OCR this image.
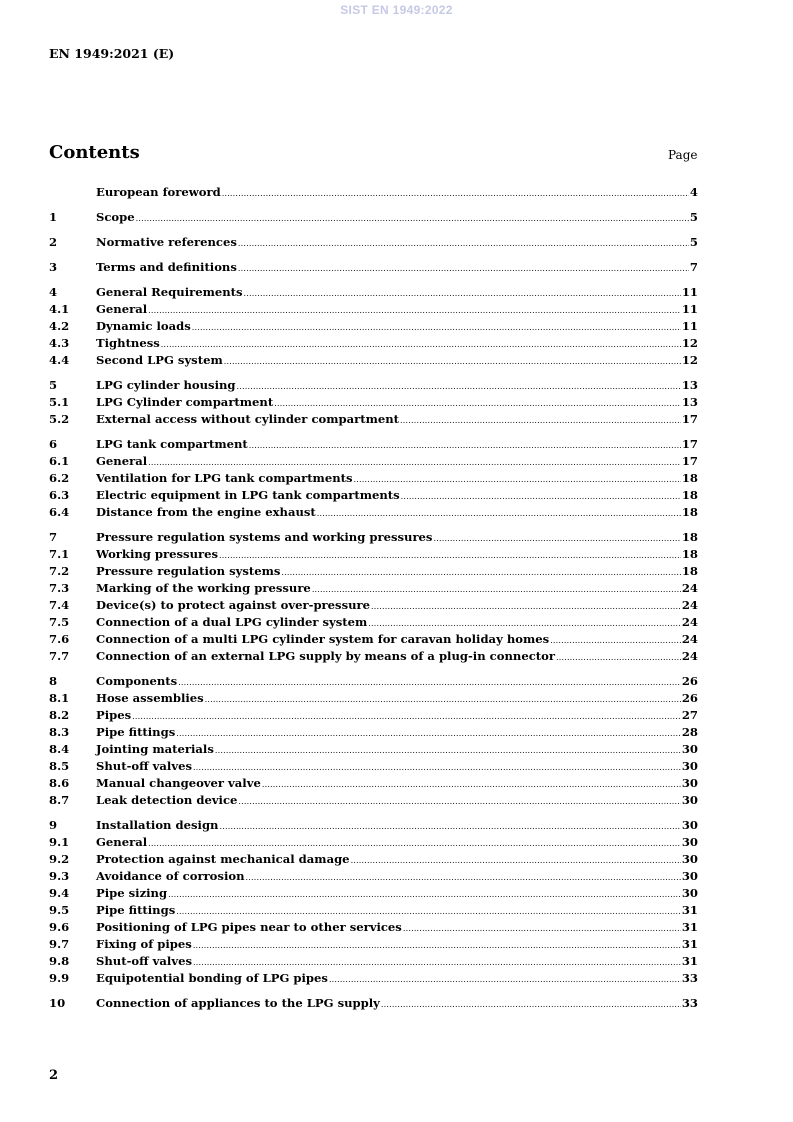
SIST EN 1949:2022
EN 1949:2021 (E)
Contents	Page
European foreword .....	4
1	Scope .....	5
2	Normative references .....	5
3	Terms and definitions .....	7
4	General Requirements .....	11
4.1	General .....	11
4.2	Dynamic loads .....	11
4.3	Tightness .....	12
4.4	Second LPG system .....	12
5	LPG cylinder housing .....	13
5.1	LPG Cylinder compartment .....	13
5.2	External access without cylinder compartment .....	17
6	LPG tank compartment .....	17
6.1	General .....	17
6.2	Ventilation for LPG tank compartments .....	18
6.3	Electric equipment in LPG tank compartments .....	18
6.4	Distance from the engine exhaust .....	18
7	Pressure regulation systems and working pressures .....	18
7.1	Working pressures .....	18
7.2	Pressure regulation systems .....	18
7.3	Marking of the working pressure .....	24
7.4	Device(s) to protect against over-pressure .....	24
7.5	Connection of a dual LPG cylinder system .....	24
7.6	Connection of a multi LPG cylinder system for caravan holiday homes .....	24
7.7	Connection of an external LPG supply by means of a plug-in connector .....	24
8	Components .....	26
8.1	Hose assemblies .....	26
8.2	Pipes .....	27
8.3	Pipe fittings .....	28
8.4	Jointing materials .....	30
8.5	Shut-off valves .....	30
8.6	Manual changeover valve .....	30
8.7	Leak detection device .....	30
9	Installation design .....	30
9.1	General .....	30
9.2	Protection against mechanical damage .....	30
9.3	Avoidance of corrosion .....	30
9.4	Pipe sizing .....	30
9.5	Pipe fittings .....	31
9.6	Positioning of LPG pipes near to other services .....	31
9.7	Fixing of pipes .....	31
9.8	Shut-off valves .....	31
9.9	Equipotential bonding of LPG pipes .....	33
10	Connection of appliances to the LPG supply .....	33
2
